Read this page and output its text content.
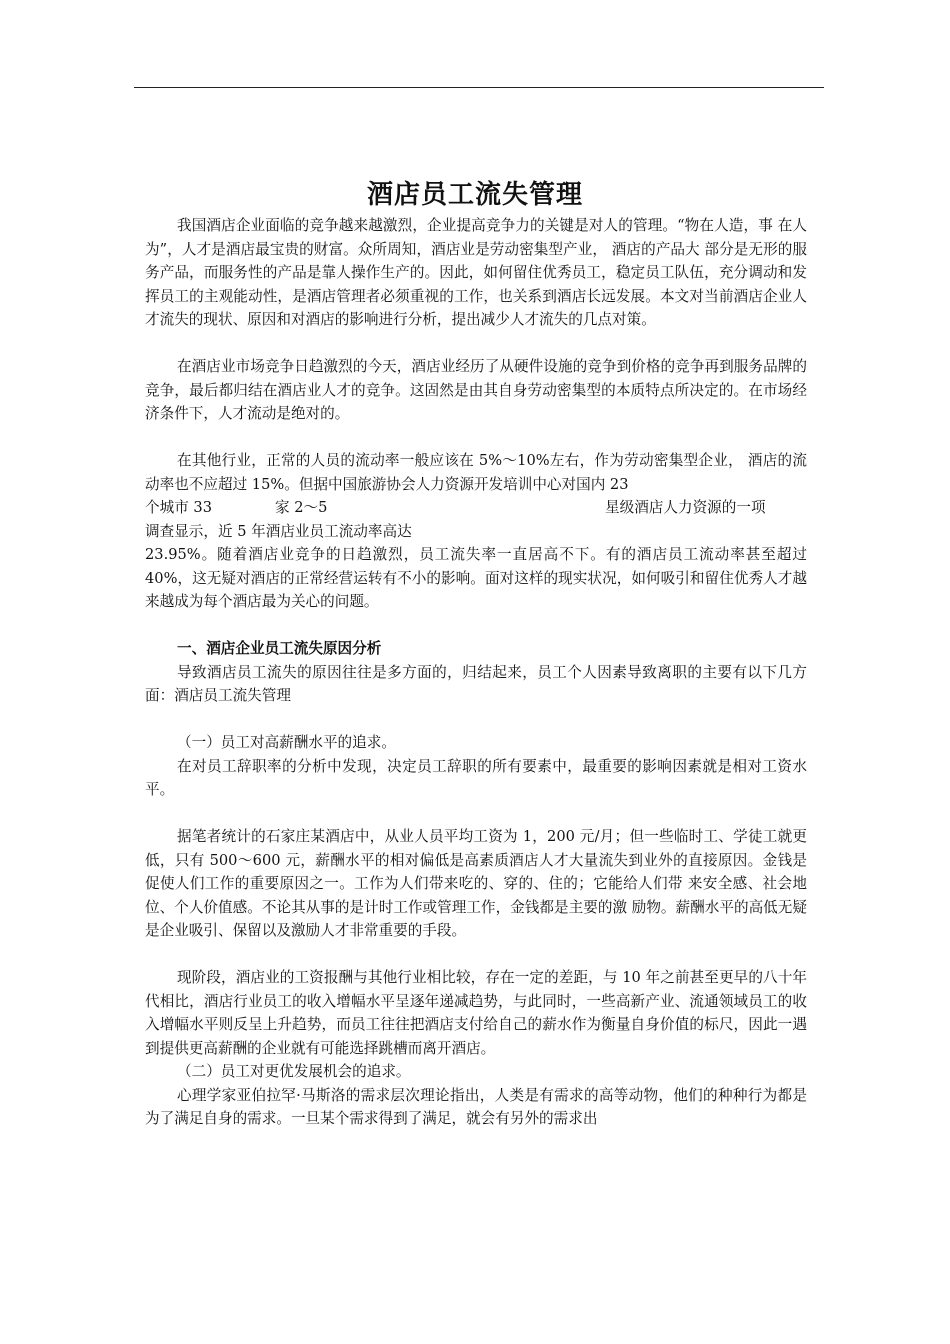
酒店员工流失管理

我国酒店企业面临的竞争越来越激烈，企业提高竞争力的关键是对人的管理。“物在人造，事 在人为”，人才是酒店最宝贵的财富。众所周知，酒店业是劳动密集型产业， 酒店的产品大 部分是无形的服务产品，而服务性的产品是靠人操作生产的。因此，如何留住优秀员工，稳定员工队伍，充分调动和发挥员工的主观能动性，是酒店管理者必须重视的工作，也关系到酒店长远发展。本文对当前酒店企业人才流失的现状、原因和对酒店的影响进行分析，提出减少人才流失的几点对策。

在酒店业市场竞争日趋激烈的今天，酒店业经历了从硬件设施的竞争到价格的竞争再到服务品牌的竞争，最后都归结在酒店业人才的竞争。这固然是由其自身劳动密集型的本质特点所决定的。在市场经济条件下，人才流动是绝对的。

在其他行业，正常的人员的流动率一般应该在 5%～10%左右，作为劳动密集型企业， 酒店的流动率也不应超过 15%。但据中国旅游协会人力资源开发培训中心对国内 23

个城市 33	家 2～5	星级酒店人力资源的一项

调查显示，近 5 年酒店业员工流动率高达

23.95%。随着酒店业竞争的日趋激烈，员工流失率一直居高不下。有的酒店员工流动率甚至超过 40%，这无疑对酒店的正常经营运转有不小的影响。面对这样的现实状况，如何吸引和留住优秀人才越来越成为每个酒店最为关心的问题。

一、酒店企业员工流失原因分析

导致酒店员工流失的原因往往是多方面的，归结起来，员工个人因素导致离职的主要有以下几方面：酒店员工流失管理

（一）员工对高薪酬水平的追求。

在对员工辞职率的分析中发现，决定员工辞职的所有要素中，最重要的影响因素就是相对工资水平。

据笔者统计的石家庄某酒店中，从业人员平均工资为 1，200 元/月；但一些临时工、学徒工就更低，只有 500～600 元，薪酬水平的相对偏低是高素质酒店人才大量流失到业外的直接原因。金钱是促使人们工作的重要原因之一。工作为人们带来吃的、穿的、住的；它能给人们带 来安全感、社会地位、个人价值感。不论其从事的是计时工作或管理工作，金钱都是主要的激 励物。薪酬水平的高低无疑是企业吸引、保留以及激励人才非常重要的手段。

现阶段，酒店业的工资报酬与其他行业相比较，存在一定的差距，与 10 年之前甚至更早的八十年代相比，酒店行业员工的收入增幅水平呈逐年递减趋势，与此同时，一些高新产业、流通领域员工的收入增幅水平则反呈上升趋势，而员工往往把酒店支付给自己的薪水作为衡量自身价值的标尺，因此一遇到提供更高薪酬的企业就有可能选择跳槽而离开酒店。

（二）员工对更优发展机会的追求。

心理学家亚伯拉罕·马斯洛的需求层次理论指出，人类是有需求的高等动物，他们的种种行为都是为了满足自身的需求。一旦某个需求得到了满足，就会有另外的需求出
